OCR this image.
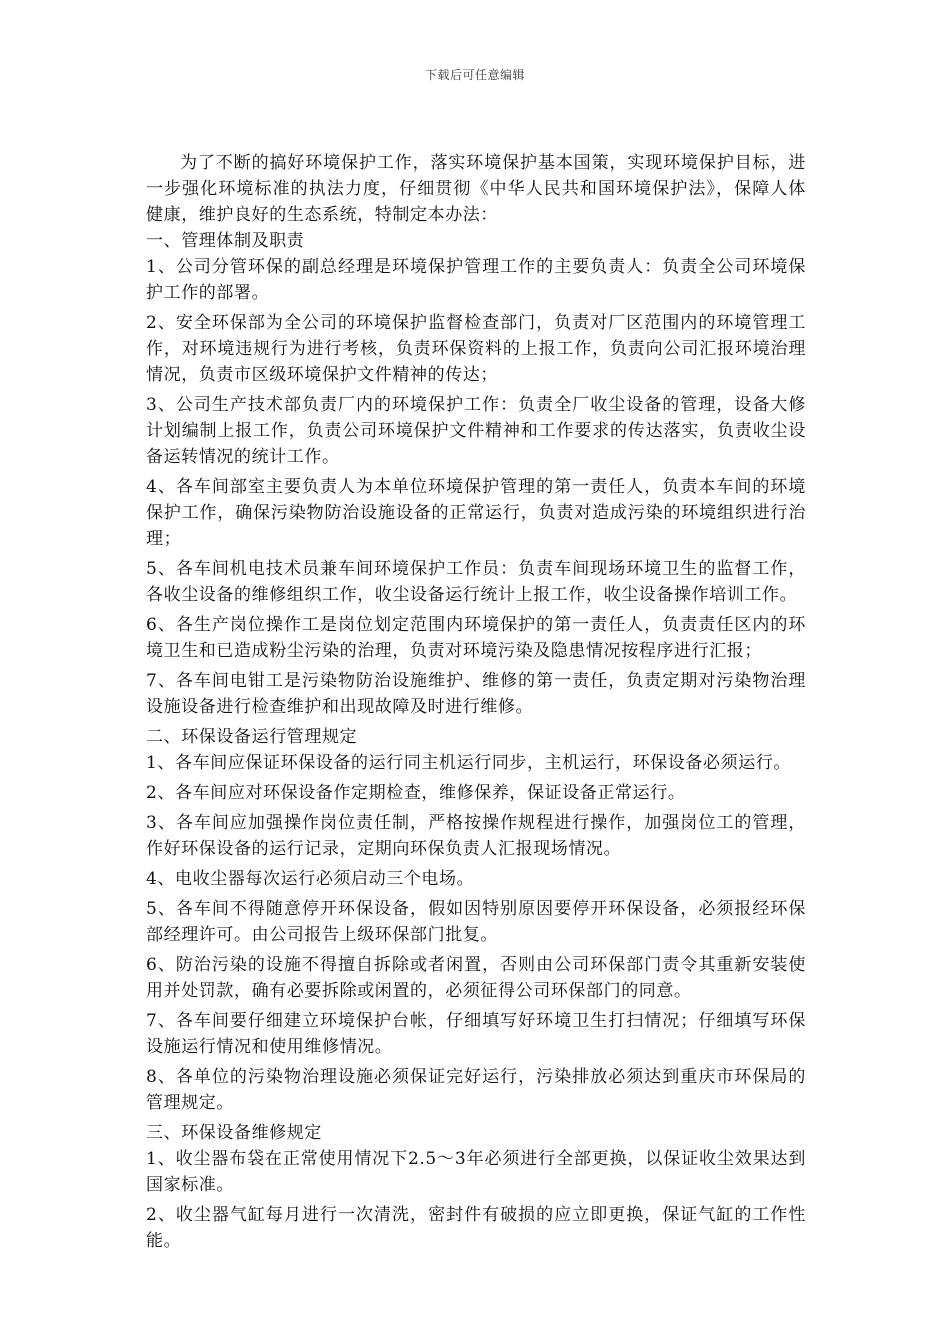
下载后可任意编辑

为了不断的搞好环境保护工作，落实环境保护基本国策，实现环境保护目标，进一步强化环境标准的执法力度，仔细贯彻《中华人民共和国环境保护法》，保障人体健康，维护良好的生态系统，特制定本办法：

一、管理体制及职责

1、公司分管环保的副总经理是环境保护管理工作的主要负责人：负责全公司环境保护工作的部署。

2、安全环保部为全公司的环境保护监督检查部门，负责对厂区范围内的环境管理工作，对环境违规行为进行考核，负责环保资料的上报工作，负责向公司汇报环境治理情况，负责市区级环境保护文件精神的传达；

3、公司生产技术部负责厂内的环境保护工作：负责全厂收尘设备的管理，设备大修计划编制上报工作，负责公司环境保护文件精神和工作要求的传达落实，负责收尘设备运转情况的统计工作。

4、各车间部室主要负责人为本单位环境保护管理的第一责任人，负责本车间的环境保护工作，确保污染物防治设施设备的正常运行，负责对造成污染的环境组织进行治理；

5、各车间机电技术员兼车间环境保护工作员：负责车间现场环境卫生的监督工作，各收尘设备的维修组织工作，收尘设备运行统计上报工作，收尘设备操作培训工作。

6、各生产岗位操作工是岗位划定范围内环境保护的第一责任人，负责责任区内的环境卫生和已造成粉尘污染的治理，负责对环境污染及隐患情况按程序进行汇报；

7、各车间电钳工是污染物防治设施维护、维修的第一责任，负责定期对污染物治理设施设备进行检查维护和出现故障及时进行维修。

二、环保设备运行管理规定

1、各车间应保证环保设备的运行同主机运行同步，主机运行，环保设备必须运行。

2、各车间应对环保设备作定期检查，维修保养，保证设备正常运行。

3、各车间应加强操作岗位责任制，严格按操作规程进行操作，加强岗位工的管理，作好环保设备的运行记录，定期向环保负责人汇报现场情况。

4、电收尘器每次运行必须启动三个电场。

5、各车间不得随意停开环保设备，假如因特别原因要停开环保设备，必须报经环保部经理许可。由公司报告上级环保部门批复。

6、防治污染的设施不得擅自拆除或者闲置，否则由公司环保部门责令其重新安装使用并处罚款，确有必要拆除或闲置的，必须征得公司环保部门的同意。

7、各车间要仔细建立环境保护台帐，仔细填写好环境卫生打扫情况；仔细填写环保设施运行情况和使用维修情况。

8、各单位的污染物治理设施必须保证完好运行，污染排放必须达到重庆市环保局的管理规定。

三、环保设备维修规定

1、收尘器布袋在正常使用情况下2.5～3年必须进行全部更换，以保证收尘效果达到国家标准。

2、收尘器气缸每月进行一次清洗，密封件有破损的应立即更换，保证气缸的工作性能。
